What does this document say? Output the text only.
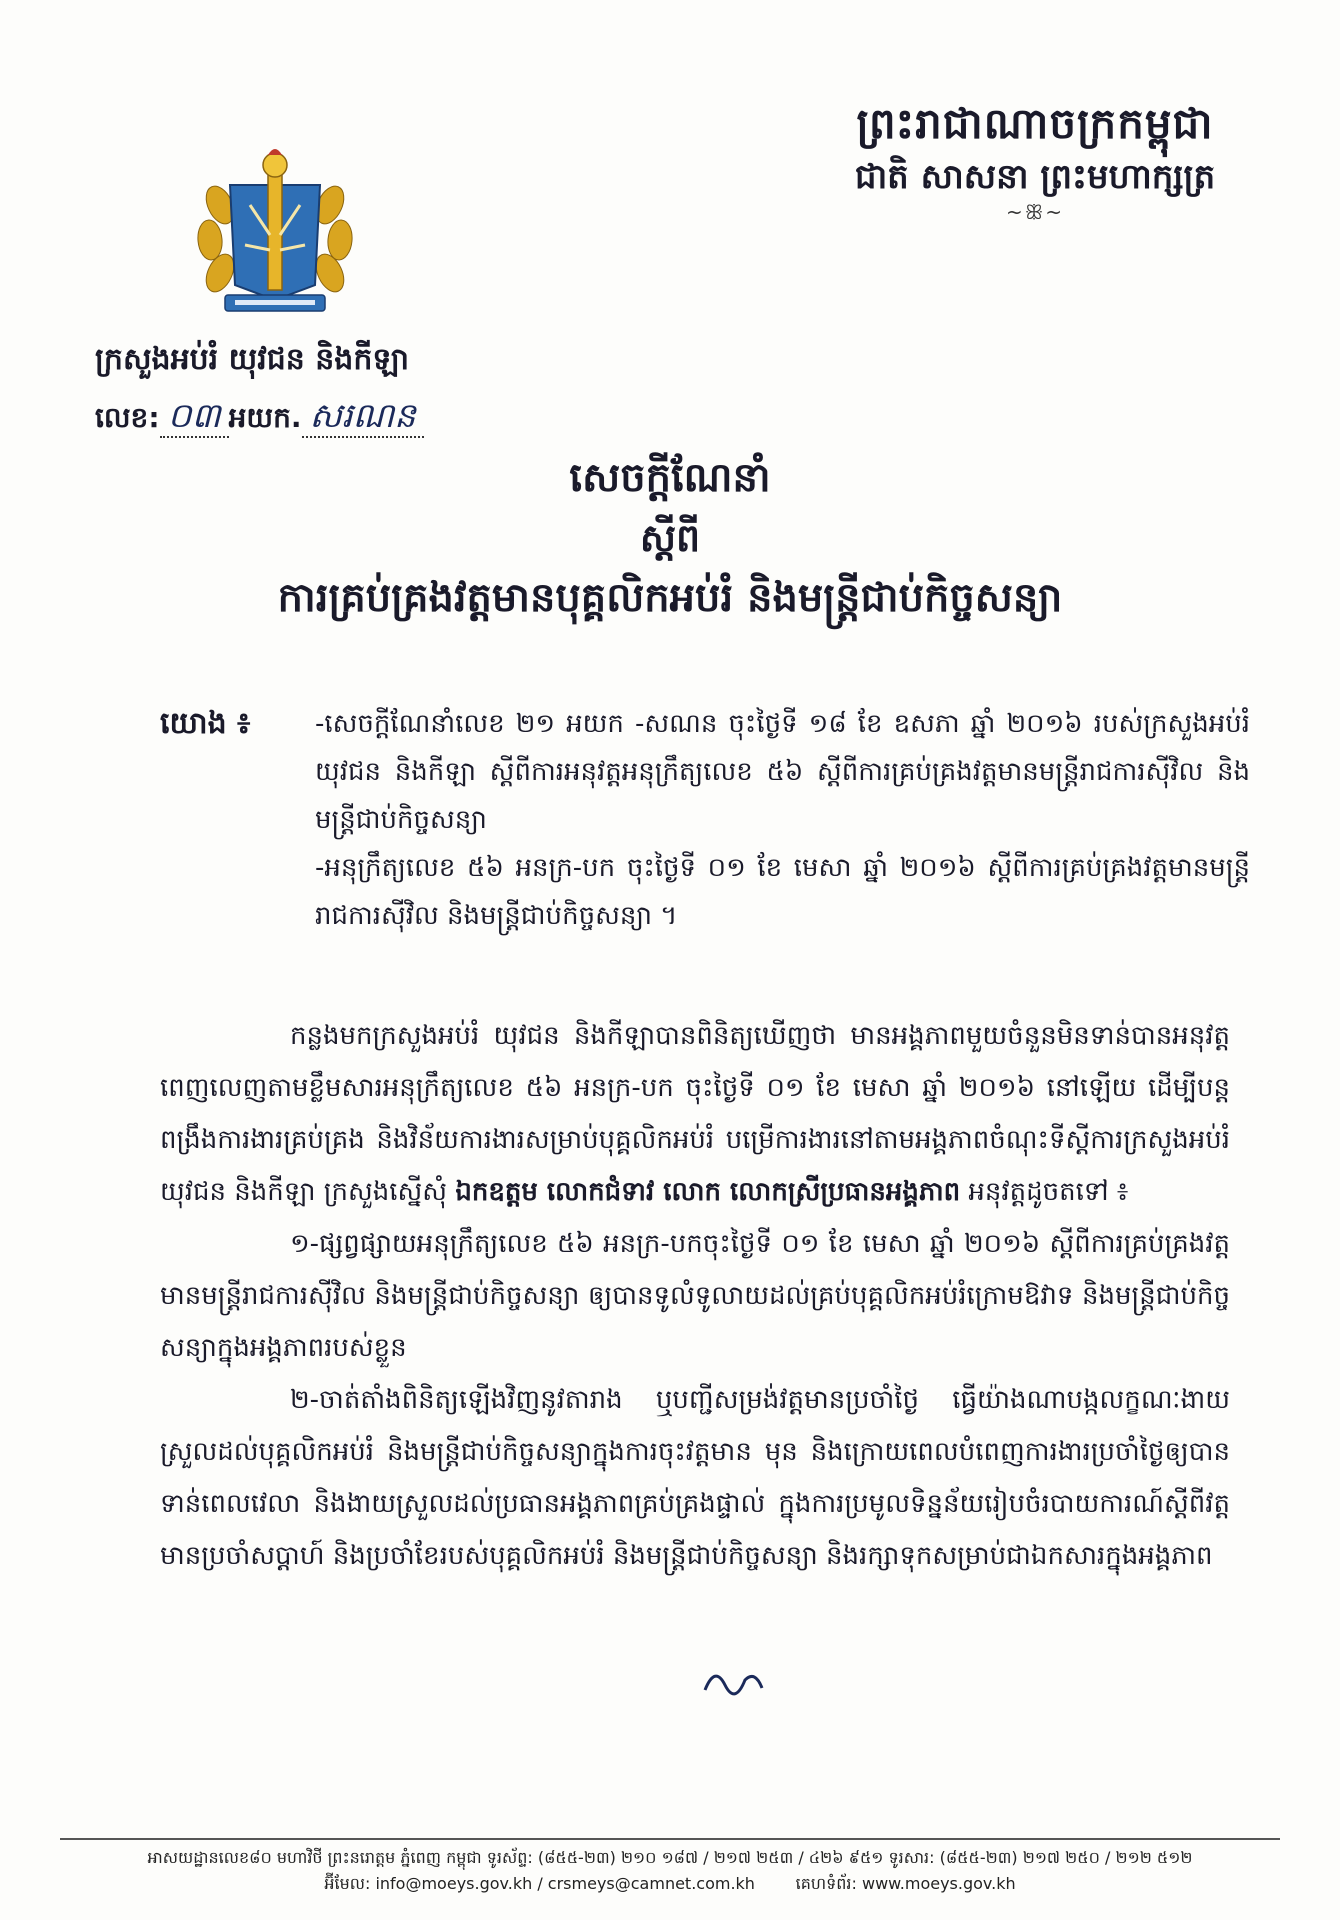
ព្រះរាជាណាចក្រកម្ពុជា
ជាតិ សាសនា ព្រះមហាក្សត្រ
~ꕥ~
ក្រសួងអប់រំ យុវជន និងកីឡា
លេខ: ០៣ អយក. សរណន
សេចក្តីណែនាំ
ស្តីពី
ការគ្រប់គ្រងវត្តមានបុគ្គលិកអប់រំ និងមន្ត្រីជាប់កិច្ចសន្យា
យោង ៖	-សេចក្តីណែនាំលេខ ២១ អយក -សណន ចុះថ្ងៃទី ១៨ ខែ ឧសភា ឆ្នាំ ២០១៦ របស់ក្រសួងអប់រំ យុវជន និងកីឡា ស្តីពីការអនុវត្តអនុក្រឹត្យលេខ ៥៦ ស្តីពីការគ្រប់គ្រងវត្តមានមន្ត្រីរាជការស៊ីវិល និងមន្ត្រីជាប់កិច្ចសន្យា

-អនុក្រឹត្យលេខ ៥៦ អនក្រ-បក ចុះថ្ងៃទី ០១ ខែ មេសា ឆ្នាំ ២០១៦ ស្តីពីការគ្រប់គ្រងវត្តមានមន្ត្រីរាជការស៊ីវិល និងមន្ត្រីជាប់កិច្ចសន្យា ។

កន្លងមកក្រសួងអប់រំ យុវជន និងកីឡាបានពិនិត្យឃើញថា មានអង្គភាពមួយចំនួនមិនទាន់បានអនុវត្តពេញលេញតាមខ្លឹមសារអនុក្រឹត្យលេខ ៥៦ អនក្រ-បក ចុះថ្ងៃទី ០១ ខែ មេសា ឆ្នាំ ២០១៦ នៅឡើយ ដើម្បីបន្តពង្រឹងការងារគ្រប់គ្រង និងវិន័យការងារសម្រាប់បុគ្គលិកអប់រំ បម្រើការងារនៅតាមអង្គភាពចំណុះទីស្តីការក្រសួងអប់រំ យុវជន និងកីឡា ក្រសួងស្នើសុំ ឯកឧត្តម លោកជំទាវ លោក លោកស្រីប្រធានអង្គភាព អនុវត្តដូចតទៅ ៖

១-ផ្សព្វផ្សាយអនុក្រឹត្យលេខ ៥៦ អនក្រ-បកចុះថ្ងៃទី ០១ ខែ មេសា ឆ្នាំ ២០១៦ ស្តីពីការគ្រប់គ្រងវត្តមានមន្ត្រីរាជការស៊ីវិល និងមន្ត្រីជាប់កិច្ចសន្យា ឲ្យបានទូលំទូលាយដល់គ្រប់បុគ្គលិកអប់រំក្រោមឱវាទ និងមន្ត្រីជាប់កិច្ចសន្យាក្នុងអង្គភាពរបស់ខ្លួន

២-ចាត់តាំងពិនិត្យឡើងវិញនូវតារាង ឬបញ្ជីសម្រង់វត្តមានប្រចាំថ្ងៃ ធ្វើយ៉ាងណាបង្កលក្ខណៈងាយស្រួលដល់បុគ្គលិកអប់រំ និងមន្ត្រីជាប់កិច្ចសន្យាក្នុងការចុះវត្តមាន មុន និងក្រោយពេលបំពេញការងារប្រចាំថ្ងៃឲ្យបានទាន់ពេលវេលា និងងាយស្រួលដល់ប្រធានអង្គភាពគ្រប់គ្រងផ្ទាល់ ក្នុងការប្រមូលទិន្នន័យរៀបចំរបាយការណ៍ស្តីពីវត្តមានប្រចាំសប្តាហ៍ និងប្រចាំខែរបស់បុគ្គលិកអប់រំ និងមន្ត្រីជាប់កិច្ចសន្យា និងរក្សាទុកសម្រាប់ជាឯកសារក្នុងអង្គភាព

អាសយដ្ឋានលេខ៨០ មហាវិថី ព្រះនរោត្តម ភ្នំពេញ កម្ពុជា ទូរស័ព្ទ: (៨៥៥-២៣) ២១០ ១៨៧ / ២១៧ ២៥៣ / ៤២៦ ៩៥១ ទូរសារ: (៨៥៥-២៣) ២១៧ ២៥០ / ២១២ ៥១២
អ៊ីមែល: info@moeys.gov.kh / crsmeys@camnet.com.kh	គេហទំព័រ: www.moeys.gov.kh
